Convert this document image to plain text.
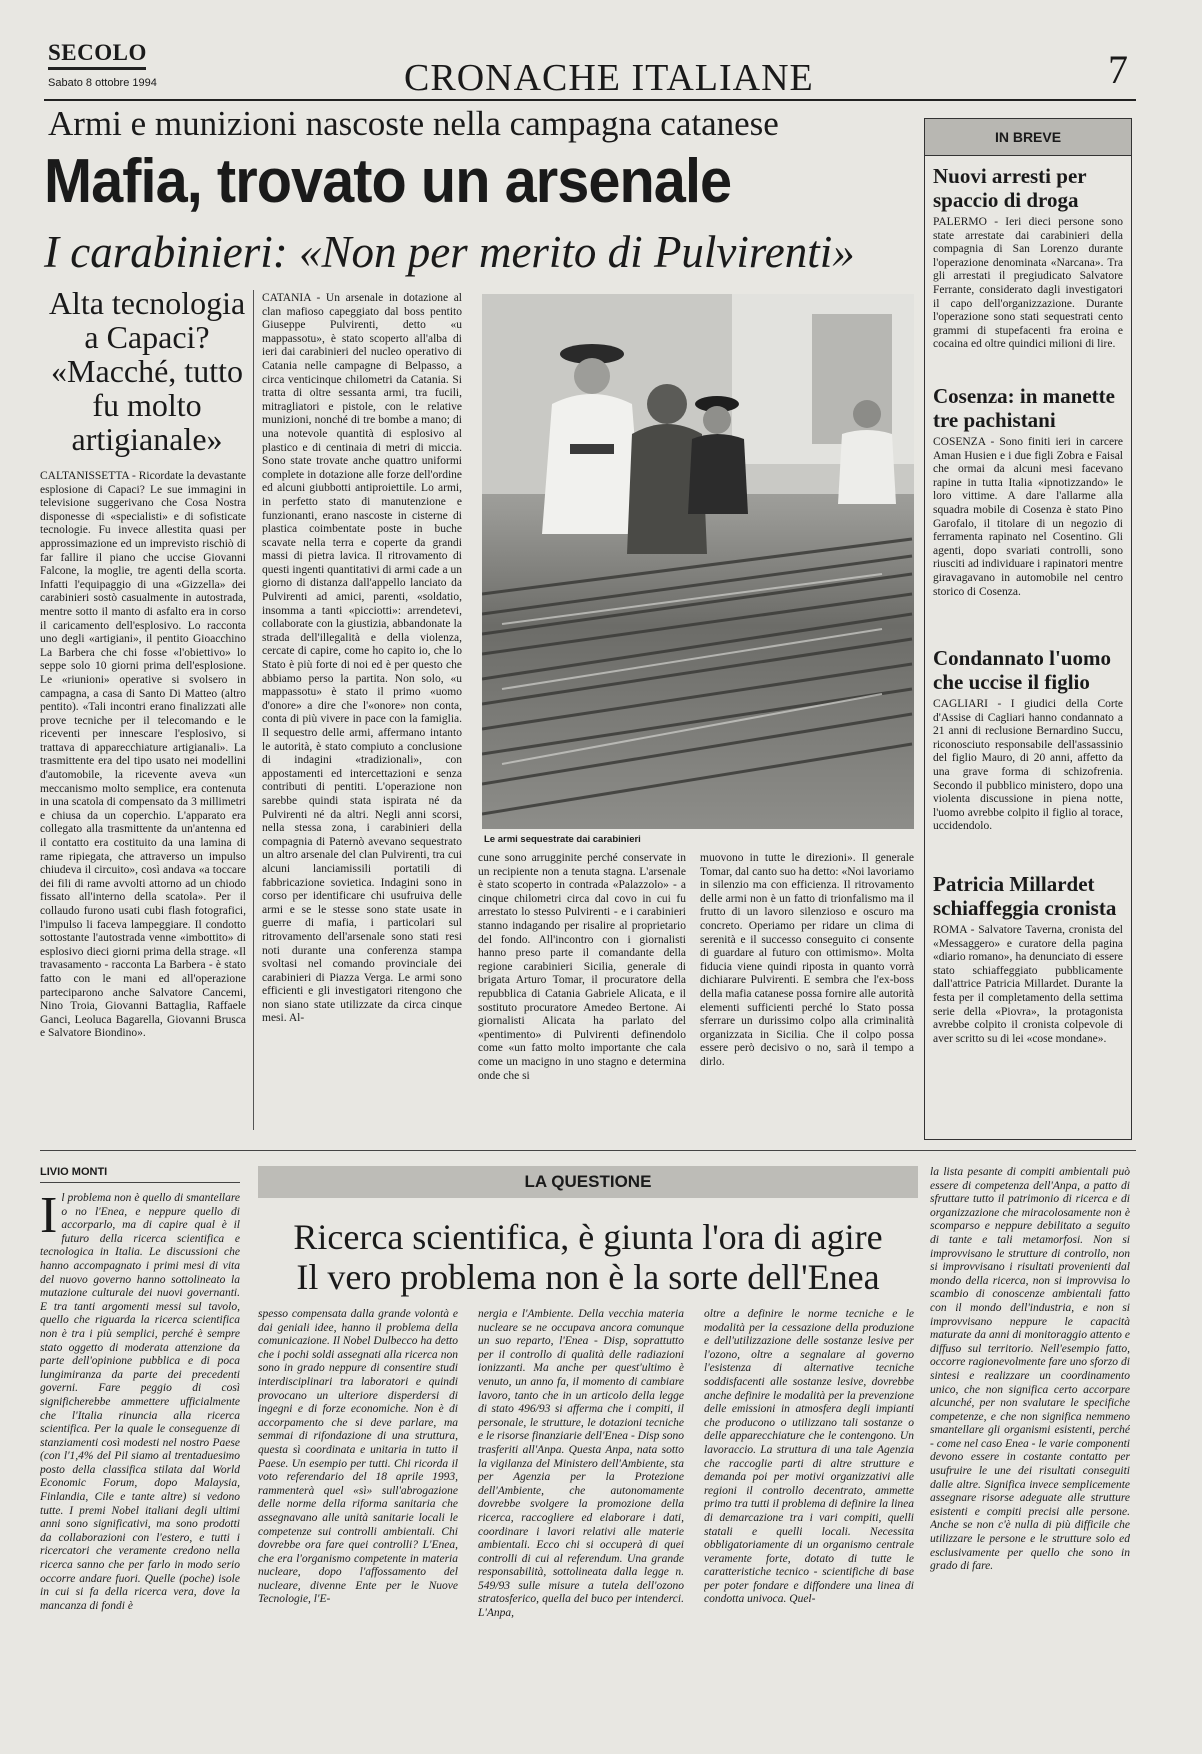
SECOLO
Sabato 8 ottobre 1994	CRONACHE ITALIANE	7
Armi e munizioni nascoste nella campagna catanese
Mafia, trovato un arsenale
I carabinieri: «Non per merito di Pulvirenti»
Alta tecnologia a Capaci? «Macché, tutto fu molto artigianale»
CALTANISSETTA - Ricordate la devastante esplosione di Capaci? Le sue immagini in televisione suggerivano che Cosa Nostra disponesse di «specialisti» e di sofisticate tecnologie. Fu invece allestita quasi per approssimazione ed un imprevisto rischiò di far fallire il piano che uccise Giovanni Falcone, la moglie, tre agenti della scorta. Infatti l'equipaggio di una «Gizzella» dei carabinieri sostò casualmente in autostrada, mentre sotto il manto di asfalto era in corso il caricamento dell'esplosivo. Lo racconta uno degli «artigiani», il pentito Gioacchino La Barbera che chi fosse «l'obiettivo» lo seppe solo 10 giorni prima dell'esplosione. Le «riunioni» operative si svolsero in campagna, a casa di Santo Di Matteo (altro pentito). «Tali incontri erano finalizzati alle prove tecniche per il telecomando e le riceventi per innescare l'esplosivo, si trattava di apparecchiature artigianali». La trasmittente era del tipo usato nei modellini d'automobile, la ricevente aveva «un meccanismo molto semplice, era contenuta in una scatola di compensato da 3 millimetri e chiusa da un coperchio. L'apparato era collegato alla trasmittente da un'antenna ed il contatto era costituito da una lamina di rame ripiegata, che attraverso un impulso chiudeva il circuito», così andava «a toccare dei fili di rame avvolti attorno ad un chiodo fissato all'interno della scatola». Per il collaudo furono usati cubi flash fotografici, l'impulso li faceva lampeggiare. Il condotto sottostante l'autostrada venne «imbottito» di esplosivo dieci giorni prima della strage. «Il travasamento - racconta La Barbera - è stato fatto con le mani ed all'operazione parteciparono anche Salvatore Cancemi, Nino Troia, Giovanni Battaglia, Raffaele Ganci, Leoluca Bagarella, Giovanni Brusca e Salvatore Biondino».
CATANIA - Un arsenale in dotazione al clan mafioso capeggiato dal boss pentito Giuseppe Pulvirenti, detto «u mappassotu», è stato scoperto all'alba di ieri dai carabinieri del nucleo operativo di Catania nelle campagne di Belpasso, a circa venticinque chilometri da Catania. Si tratta di oltre sessanta armi, tra fucili, mitragliatori e pistole, con le relative munizioni, nonché di tre bombe a mano; di una notevole quantità di esplosivo al plastico e di centinaia di metri di miccia. Sono state trovate anche quattro uniformi complete in dotazione alle forze dell'ordine ed alcuni giubbotti antiproiettile. Lo armi, in perfetto stato di manutenzione e funzionanti, erano nascoste in cisterne di plastica coimbentate poste in buche scavate nella terra e coperte da grandi massi di pietra lavica. Il ritrovamento di questi ingenti quantitativi di armi cade a un giorno di distanza dall'appello lanciato da Pulvirenti ad amici, parenti, «soldatio, insomma a tanti «picciotti»: arrendetevi, collaborate con la giustizia, abbandonate la strada dell'illegalità e della violenza, cercate di capire, come ho capito io, che lo Stato è più forte di noi ed è per questo che abbiamo perso la partita. Non solo, «u mappassotu» è stato il primo «uomo d'onore» a dire che l'«onore» non conta, conta di più vivere in pace con la famiglia. Il sequestro delle armi, affermano intanto le autorità, è stato compiuto a conclusione di indagini «tradizionali», con appostamenti ed intercettazioni e senza contributi di pentiti. L'operazione non sarebbe quindi stata ispirata né da Pulvirenti né da altri. Negli anni scorsi, nella stessa zona, i carabinieri della compagnia di Paternò avevano sequestrato un altro arsenale del clan Pulvirenti, tra cui alcuni lanciamissili portatili di fabbricazione sovietica. Indagini sono in corso per identificare chi usufruiva delle armi e se le stesse sono state usate in guerre di mafia, i particolari sul ritrovamento dell'arsenale sono stati resi noti durante una conferenza stampa svoltasi nel comando provinciale dei carabinieri di Piazza Verga. Le armi sono efficienti e gli investigatori ritengono che non siano state utilizzate da circa cinque mesi. Al-
Le armi sequestrate dai carabinieri
cune sono arrugginite perché conservate in un recipiente non a tenuta stagna. L'arsenale è stato scoperto in contrada «Palazzolo» - a cinque chilometri circa dal covo in cui fu arrestato lo stesso Pulvirenti - e i carabinieri stanno indagando per risalire al proprietario del fondo. All'incontro con i giornalisti hanno preso parte il comandante della regione carabinieri Sicilia, generale di brigata Arturo Tomar, il procuratore della repubblica di Catania Gabriele Alicata, e il sostituto procuratore Amedeo Bertone. Ai giornalisti Alicata ha parlato del «pentimento» di Pulvirenti definendolo come «un fatto molto importante che cala come un macigno in uno stagno e determina onde che si
muovono in tutte le direzioni». Il generale Tomar, dal canto suo ha detto: «Noi lavoriamo in silenzio ma con efficienza. Il ritrovamento delle armi non è un fatto di trionfalismo ma il frutto di un lavoro silenzioso e oscuro ma concreto. Operiamo per ridare un clima di serenità e il successo conseguito ci consente di guardare al futuro con ottimismo». Molta fiducia viene quindi riposta in quanto vorrà dichiarare Pulvirenti. E sembra che l'ex-boss della mafia catanese possa fornire alle autorità elementi sufficienti perché lo Stato possa sferrare un durissimo colpo alla criminalità organizzata in Sicilia. Che il colpo possa essere però decisivo o no, sarà il tempo a dirlo.
IN BREVE
Nuovi arresti per spaccio di droga
PALERMO - Ieri dieci persone sono state arrestate dai carabinieri della compagnia di San Lorenzo durante l'operazione denominata «Narcana». Tra gli arrestati il pregiudicato Salvatore Ferrante, considerato dagli investigatori il capo dell'organizzazione. Durante l'operazione sono stati sequestrati cento grammi di stupefacenti fra eroina e cocaina ed oltre quindici milioni di lire.
Cosenza: in manette tre pachistani
COSENZA - Sono finiti ieri in carcere Aman Husien e i due figli Zobra e Faisal che ormai da alcuni mesi facevano rapine in tutta Italia «ipnotizzando» le loro vittime. A dare l'allarme alla squadra mobile di Cosenza è stato Pino Garofalo, il titolare di un negozio di ferramenta rapinato nel Cosentino. Gli agenti, dopo svariati controlli, sono riusciti ad individuare i rapinatori mentre giravagavano in automobile nel centro storico di Cosenza.
Condannato l'uomo che uccise il figlio
CAGLIARI - I giudici della Corte d'Assise di Cagliari hanno condannato a 21 anni di reclusione Bernardino Succu, riconosciuto responsabile dell'assassinio del figlio Mauro, di 20 anni, affetto da una grave forma di schizofrenia. Secondo il pubblico ministero, dopo una violenta discussione in piena notte, l'uomo avrebbe colpito il figlio al torace, uccidendolo.
Patricia Millardet schiaffeggia cronista
ROMA - Salvatore Taverna, cronista del «Messaggero» e curatore della pagina «diario romano», ha denunciato di essere stato schiaffeggiato pubblicamente dall'attrice Patricia Millardet. Durante la festa per il completamento della settima serie della «Piovra», la protagonista avrebbe colpito il cronista colpevole di aver scritto su di lei «cose mondane».
LIVIO MONTI	LA QUESTIONE
Ricerca scientifica, è giunta l'ora di agire
Il vero problema non è la sorte dell'Enea
Il problema non è quello di smantellare o no l'Enea, e neppure quello di accorparlo, ma di capire qual è il futuro della ricerca scientifica e tecnologica in Italia. Le discussioni che hanno accompagnato i primi mesi di vita del nuovo governo hanno sottolineato la mutazione culturale dei nuovi governanti. E tra tanti argomenti messi sul tavolo, quello che riguarda la ricerca scientifica non è tra i più semplici, perché è sempre stato oggetto di moderata attenzione da parte dell'opinione pubblica e di poca lungimiranza da parte dei precedenti governi. Fare peggio di così significherebbe ammettere ufficialmente che l'Italia rinuncia alla ricerca scientifica. Per la quale le conseguenze di stanziamenti così modesti nel nostro Paese (con l'1,4% del Pil siamo al trentaduesimo posto della classifica stilata dal World Economic Forum, dopo Malaysia, Finlandia, Cile e tante altre) si vedono tutte. I premi Nobel italiani degli ultimi anni sono significativi, ma sono prodotti da collaborazioni con l'estero, e tutti i ricercatori che veramente credono nella ricerca sanno che per farlo in modo serio occorre andare fuori. Quelle (poche) isole in cui si fa della ricerca vera, dove la mancanza di fondi è
spesso compensata dalla grande volontà e dai geniali idee, hanno il problema della comunicazione. Il Nobel Dulbecco ha detto che i pochi soldi assegnati alla ricerca non sono in grado neppure di consentire studi interdisciplinari tra laboratori e quindi provocano un ulteriore disperdersi di ingegni e di forze economiche. Non è di accorpamento che si deve parlare, ma semmai di rifondazione di una struttura, questa sì coordinata e unitaria in tutto il Paese. Un esempio per tutti. Chi ricorda il voto referendario del 18 aprile 1993, rammenterà quel «sì» sull'abrogazione delle norme della riforma sanitaria che assegnavano alle unità sanitarie locali le competenze sui controlli ambientali. Chi dovrebbe ora fare quei controlli? L'Enea, che era l'organismo competente in materia nucleare, dopo l'affossamento del nucleare, divenne Ente per le Nuove Tecnologie, l'E-
nergia e l'Ambiente. Della vecchia materia nucleare se ne occupava ancora comunque un suo reparto, l'Enea - Disp, soprattutto per il controllo di qualità delle radiazioni ionizzanti. Ma anche per quest'ultimo è venuto, un anno fa, il momento di cambiare lavoro, tanto che in un articolo della legge di stato 496/93 si afferma che i compiti, il personale, le strutture, le dotazioni tecniche e le risorse finanziarie dell'Enea - Disp sono trasferiti all'Anpa. Questa Anpa, nata sotto la vigilanza del Ministero dell'Ambiente, sta per Agenzia per la Protezione dell'Ambiente, che autonomamente dovrebbe svolgere la promozione della ricerca, raccogliere ed elaborare i dati, coordinare i lavori relativi alle materie ambientali. Ecco chi si occuperà di quei controlli di cui al referendum. Una grande responsabilità, sottolineata dalla legge n. 549/93 sulle misure a tutela dell'ozono stratosferico, quella del buco per intenderci. L'Anpa,
oltre a definire le norme tecniche e le modalità per la cessazione della produzione e dell'utilizzazione delle sostanze lesive per l'ozono, oltre a segnalare al governo l'esistenza di alternative tecniche soddisfacenti alle sostanze lesive, dovrebbe anche definire le modalità per la prevenzione delle emissioni in atmosfera degli impianti che producono o utilizzano tali sostanze o delle apparecchiature che le contengono. Un lavoraccio. La struttura di una tale Agenzia che raccoglie parti di altre strutture e demanda poi per motivi organizzativi alle regioni il controllo decentrato, ammette primo tra tutti il problema di definire la linea di demarcazione tra i vari compiti, quelli statali e quelli locali. Necessita obbligatoriamente di un organismo centrale veramente forte, dotato di tutte le caratteristiche tecnico - scientifiche di base per poter fondare e diffondere una linea di condotta univoca. Quel-
la lista pesante di compiti ambientali può essere di competenza dell'Anpa, a patto di sfruttare tutto il patrimonio di ricerca e di organizzazione che miracolosamente non è scomparso e neppure debilitato a seguito di tante e tali metamorfosi. Non si improvvisano le strutture di controllo, non si improvvisano i risultati provenienti dal mondo della ricerca, non si improvvisa lo scambio di conoscenze ambientali fatto con il mondo dell'industria, e non si improvvisano neppure le capacità maturate da anni di monitoraggio attento e diffuso sul territorio. Nell'esempio fatto, occorre ragionevolmente fare uno sforzo di sintesi e realizzare un coordinamento unico, che non significa certo accorpare alcunché, per non svalutare le specifiche competenze, e che non significa nemmeno smantellare gli organismi esistenti, perché - come nel caso Enea - le varie componenti devono essere in costante contatto per usufruire le une dei risultati conseguiti dalle altre. Significa invece semplicemente assegnare risorse adeguate alle strutture esistenti e compiti precisi alle persone. Anche se non c'è nulla di più difficile che utilizzare le persone e le strutture solo ed esclusivamente per quello che sono in grado di fare.
